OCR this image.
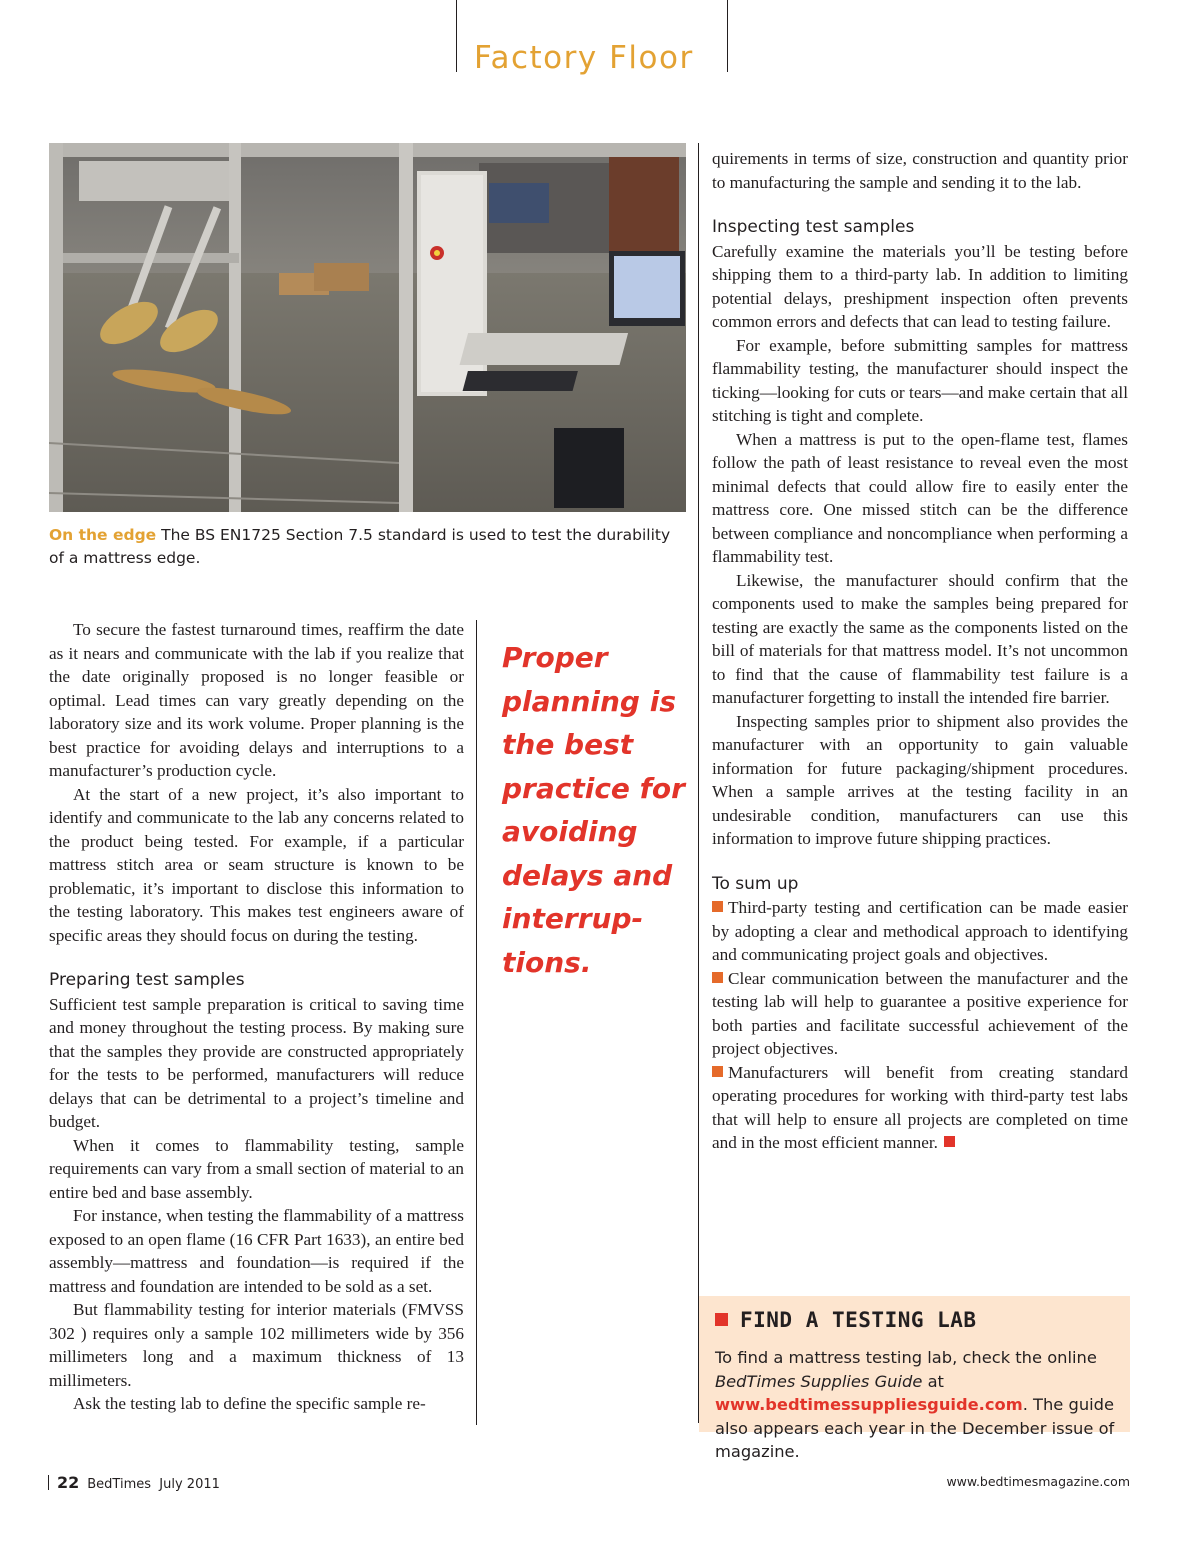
Factory Floor
On the edge The BS EN1725 Section 7.5 standard is used to test the durability of a mattress edge.

To secure the fastest turnaround times, reaffirm the date as it nears and communicate with the lab if you realize that the date originally proposed is no longer feasible or optimal. Lead times can vary greatly depending on the laboratory size and its work volume. Proper planning is the best practice for avoiding delays and interruptions to a manufacturer’s production cycle.

At the start of a new project, it’s also important to identify and communicate to the lab any concerns related to the product being tested. For example, if a particular mattress stitch area or seam structure is known to be problematic, it’s important to disclose this information to the testing laboratory. This makes test engineers aware of specific areas they should focus on during the testing.

Preparing test samples

Sufficient test sample preparation is critical to saving time and money throughout the testing process. By making sure that the samples they provide are constructed appropriately for the tests to be performed, manufacturers will reduce delays that can be detrimental to a project’s timeline and budget.

When it comes to flammability testing, sample requirements can vary from a small section of material to an entire bed and base assembly.

For instance, when testing the flammability of a mattress exposed to an open flame (16 CFR Part 1633), an entire bed assembly—mattress and foundation—is required if the mattress and foundation are intended to be sold as a set.

But flammability testing for interior materials (FMVSS 302 ) requires only a sample 102 millimeters wide by 356 millimeters long and a maximum thickness of 13 millimeters.

Ask the testing lab to define the specific sample re-

Proper planning is the best practice for avoiding delays and interrup-tions.

quirements in terms of size, construction and quantity prior to manufacturing the sample and sending it to the lab.

Inspecting test samples

Carefully examine the materials you’ll be testing before shipping them to a third-party lab. In addition to limiting potential delays, preshipment inspection often prevents common errors and defects that can lead to testing failure.

For example, before submitting samples for mattress flammability testing, the manufacturer should inspect the ticking—looking for cuts or tears—and make certain that all stitching is tight and complete.

When a mattress is put to the open-flame test, flames follow the path of least resistance to reveal even the most minimal defects that could allow fire to easily enter the mattress core. One missed stitch can be the difference between compliance and noncompliance when performing a flammability test.

Likewise, the manufacturer should confirm that the components used to make the samples being prepared for testing are exactly the same as the components listed on the bill of materials for that mattress model. It’s not uncommon to find that the cause of flammability test failure is a manufacturer forgetting to install the intended fire barrier.

Inspecting samples prior to shipment also provides the manufacturer with an opportunity to gain valuable information for future packaging/shipment procedures. When a sample arrives at the testing facility in an undesirable condition, manufacturers can use this information to improve future shipping practices.

To sum up

Third-party testing and certification can be made easier by adopting a clear and methodical approach to identifying and communicating project goals and objectives.

Clear communication between the manufacturer and the testing lab will help to guarantee a positive experience for both parties and facilitate successful achievement of the project objectives.

Manufacturers will benefit from creating standard operating procedures for working with third-party test labs that will help to ensure all projects are completed on time and in the most efficient manner.

FIND A TESTING LAB
To find a mattress testing lab, check the online BedTimes Supplies Guide at www.bedtimessuppliesguide.com. The guide also appears each year in the December issue of magazine.
22 BedTimes July 2011	www.bedtimesmagazine.com
